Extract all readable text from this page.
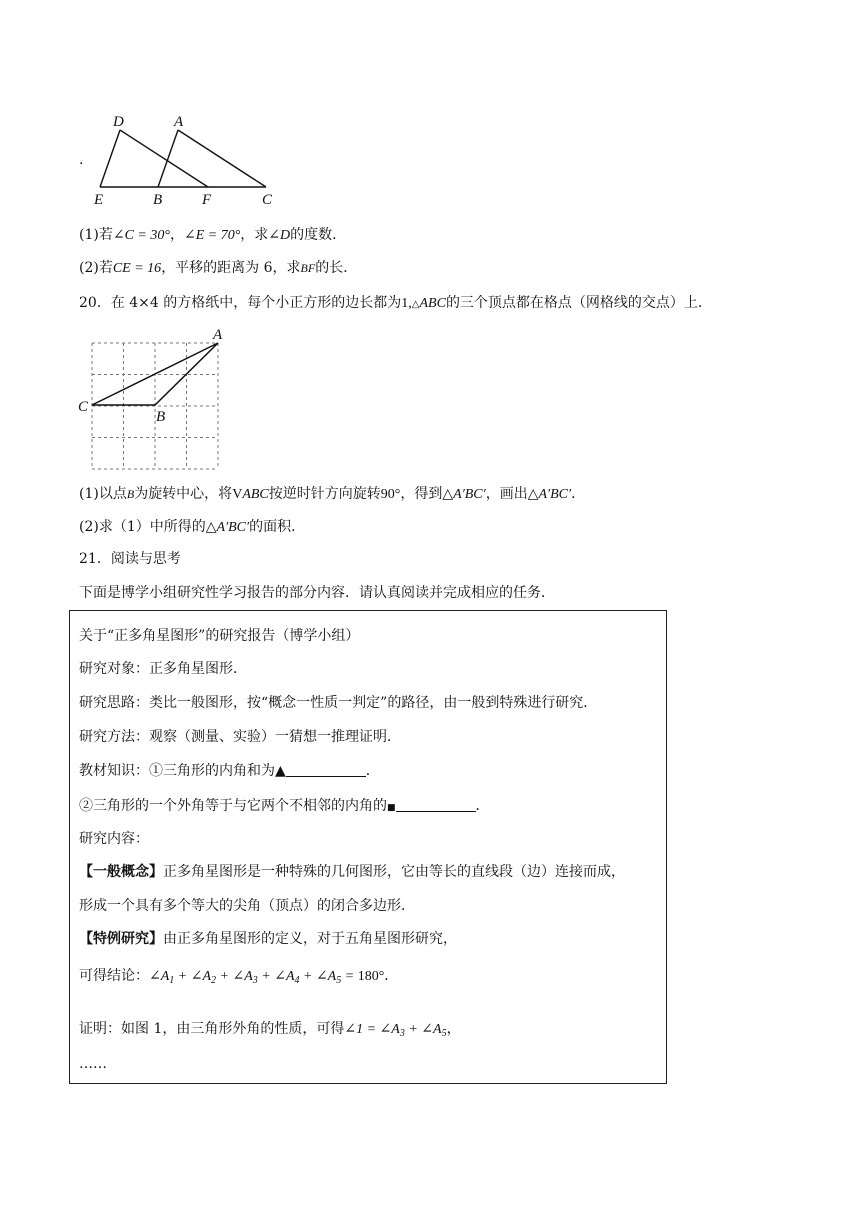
.
D	A
E	B	F	C
(1)若∠C = 30°，∠E = 70°，求∠D的度数．
(2)若CE = 16，平移的距离为 6，求BF的长．
20．在 4×4 的方格纸中，每个小正方形的边长都为1,△ABC的三个顶点都在格点（网格线的交点）上．
A
C
B
(1)以点B为旋转中心，将VABC按逆时针方向旋转90°，得到△A′BC′，画出△A′BC′．
(2)求（1）中所得的△A′BC′的面积．
21．阅读与思考
下面是博学小组研究性学习报告的部分内容．请认真阅读并完成相应的任务．
关于“正多角星图形”的研究报告（博学小组）
研究对象：正多角星图形．
研究思路：类比一般图形，按“概念一性质一判定”的路径，由一般到特殊进行研究．
研究方法：观察（测量、实验）一猜想一推理证明．
教材知识：①三角形的内角和为▲	．
②三角形的一个外角等于与它两个不相邻的内角的■	．
研究内容：
【一般概念】正多角星图形是一种特殊的几何图形，它由等长的直线段（边）连接而成，
形成一个具有多个等大的尖角（顶点）的闭合多边形．
【特例研究】由正多角星图形的定义，对于五角星图形研究，
可得结论：$\angle A_1$ + $\angle A_2$ + $\angle A_3$ + $\angle A_4$ + $\angle A_5 = 180^\circ$．
证明：如图 1，由三角形外角的性质，可得∠1 = $\angle A_3$ + $\angle A_5$，
……
